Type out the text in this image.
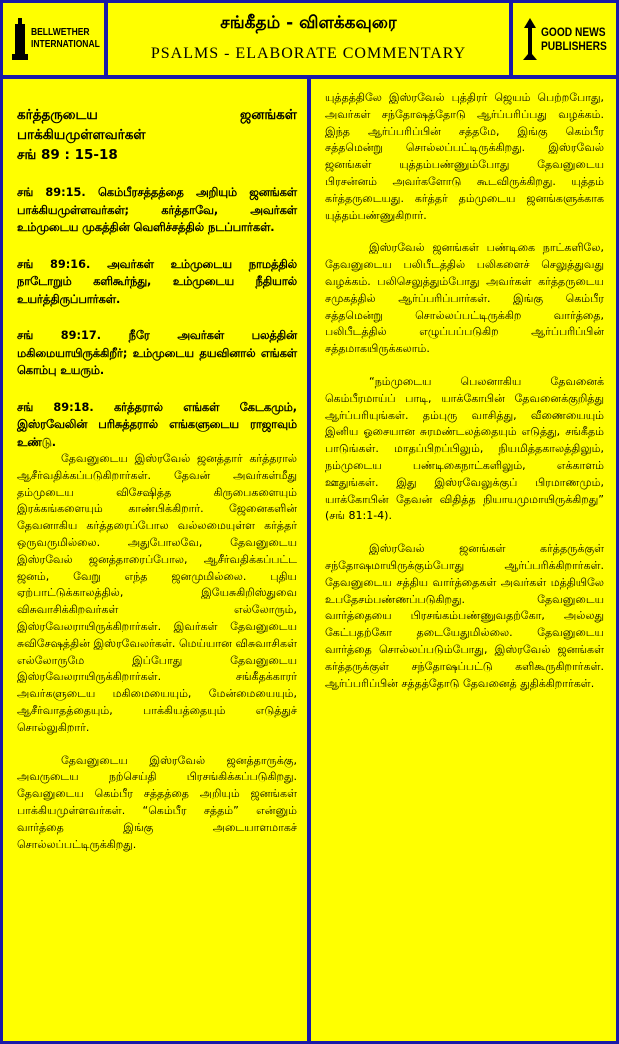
BELLWETHER
INTERNATIONAL
சங்கீதம் - விளக்கவுரை
PSALMS - ELABORATE COMMENTARY
GOOD NEWS
PUBLISHERS
கர்த்தருடைய	ஜனங்கள்
பாக்கியமுள்ளவர்கள்
சங் 89 : 15-18
சங் 89:15. கெம்பீரசத்தத்தை அறியும் ஜனங்கள் பாக்கியமுள்ளவர்கள்; கர்த்தாவே, அவர்கள் உம்முடைய முகத்தின் வெளிச்சத்தில் நடப்பார்கள்.
சங் 89:16. அவர்கள் உம்முடைய நாமத்தில் நாடோறும் களிகூர்ந்து, உம்முடைய நீதியால் உயர்த்திருப்பார்கள்.
சங் 89:17. நீரே அவர்கள் பலத்தின் மகிமையாயிருக்கிறீர்; உம்முடைய தயவினால் எங்கள் கொம்பு உயரும்.
சங் 89:18. கர்த்தரால் எங்கள் கேடகமும், இஸ்ரவேலின் பரிசுத்தரால் எங்களுடைய ராஜாவும் உண்டு.

தேவனுடைய இஸ்ரவேல் ஜனத்தார் கர்த்தரால் ஆசீர்வதிக்கப்படுகிறார்கள். தேவன் அவர்கள்மீது தம்முடைய விசேஷித்த கிருபைகளையும் இரக்கங்களையும் காண்பிக்கிறார். ஜேனைகளின் தேவனாகிய கர்த்தரைப்போல வல்லமையுள்ள கர்த்தர் ஒருவருமில்லை. அதுபோலவே, தேவனுடைய இஸ்ரவேல் ஜனத்தாரைப்போல, ஆசீர்வதிக்கப்பட்ட ஜனம், வேறு எந்த ஜனமுமில்லை. புதிய ஏற்பாட்டுக்காலத்தில், இயேசுகிறிஸ்துவை விசுவாசிக்கிறவர்கள் எல்லோரும், இஸ்ரவேலராயிருக்கிறார்கள். இவர்கள் தேவனுடைய சுவிசேஷத்தின் இஸ்ரவேலர்கள். மெய்யான விசுவாசிகள் எல்லோருமே இப்போது தேவனுடைய இஸ்ரவேலராயிருக்கிறார்கள். சங்கீதக்காரர் அவர்களுடைய மகிமையையும், மேன்மையையும், ஆசீர்வாதத்தையும், பாக்கியத்தையும் எடுத்துச் சொல்லுகிறார்.

தேவனுடைய இஸ்ரவேல் ஜனத்தாருக்கு, அவருடைய நற்செய்தி பிரசங்கிக்கப்படுகிறது. தேவனுடைய கெம்பீர சத்தத்தை அறியும் ஜனங்கள் பாக்கியமுள்ளவர்கள். “கெம்பீர சத்தம்” என்னும் வார்த்தை இங்கு அடையாளமாகச் சொல்லப்பட்டிருக்கிறது.

யுத்தத்திலே இஸ்ரவேல் புத்திரர் ஜெயம் பெற்றபோது, அவர்கள் சந்தோஷத்தோடு ஆர்ப்பரிப்பது வழக்கம். இந்த ஆர்ப்பரிப்பின் சத்தமே, இங்கு கெம்பீர சத்தமென்று சொல்லப்பட்டிருக்கிறது. இஸ்ரவேல் ஜனங்கள் யுத்தம்பண்ணும்போது தேவனுடைய பிரசன்னம் அவர்களோடு கூடவிருக்கிறது. யுத்தம் கர்த்தருடையது. கர்த்தர் தம்முடைய ஜனங்களுக்காக யுத்தம்பண்ணுகிறார்.

இஸ்ரவேல் ஜனங்கள் பண்டிகை நாட்களிலே, தேவனுடைய பலிபீடத்தில் பலிகளைச் செலுத்துவது வழக்கம். பலிசெலுத்தும்போது அவர்கள் கர்த்தருடைய சமுகத்தில் ஆர்ப்பரிப்பார்கள். இங்கு கெம்பீர சத்தமென்று சொல்லப்பட்டிருக்கிற வார்த்தை, பலிபீடத்தில் எழுப்பப்படுகிற ஆர்ப்பரிப்பின் சத்தமாகயிருக்கலாம்.

“நம்முடைய பெலனாகிய தேவனைக் கெம்பீரமாய்ப் பாடி, யாக்கோபின் தேவனைக்குறித்து ஆர்ப்பரியுங்கள். தம்புரு வாசித்து, வீணையையும் இனிய ஓசையான சுரமண்டலத்தையும் எடுத்து, சங்கீதம் பாடுங்கள். மாதப்பிறப்பிலும், நியமித்தகாலத்திலும், நம்முடைய பண்டிகைநாட்களிலும், எக்காளம் ஊதுங்கள். இது இஸ்ரவேலுக்குப் பிரமாணமும், யாக்கோபின் தேவன் விதித்த நியாயமுமாயிருக்கிறது” (சங் 81:1-4).

இஸ்ரவேல் ஜனங்கள் கர்த்தருக்குள் சந்தோஷமாயிருக்கும்போது ஆர்ப்பரிக்கிறார்கள். தேவனுடைய சத்திய வார்த்தைகள் அவர்கள் மத்தியிலே உபதேசம்பண்ணப்படுகிறது. தேவனுடைய வார்த்தையை பிரசங்கம்பண்ணுவதற்கோ, அல்லது கேட்பதற்கோ தடையேதுமில்லை. தேவனுடைய வார்த்தை சொல்லப்படும்போது, இஸ்ரவேல் ஜனங்கள் கர்த்தருக்குள் சந்தோஷப்பட்டு களிகூருகிறார்கள். ஆர்ப்பரிப்பின் சத்தத்தோடு தேவனைத் துதிக்கிறார்கள்.
